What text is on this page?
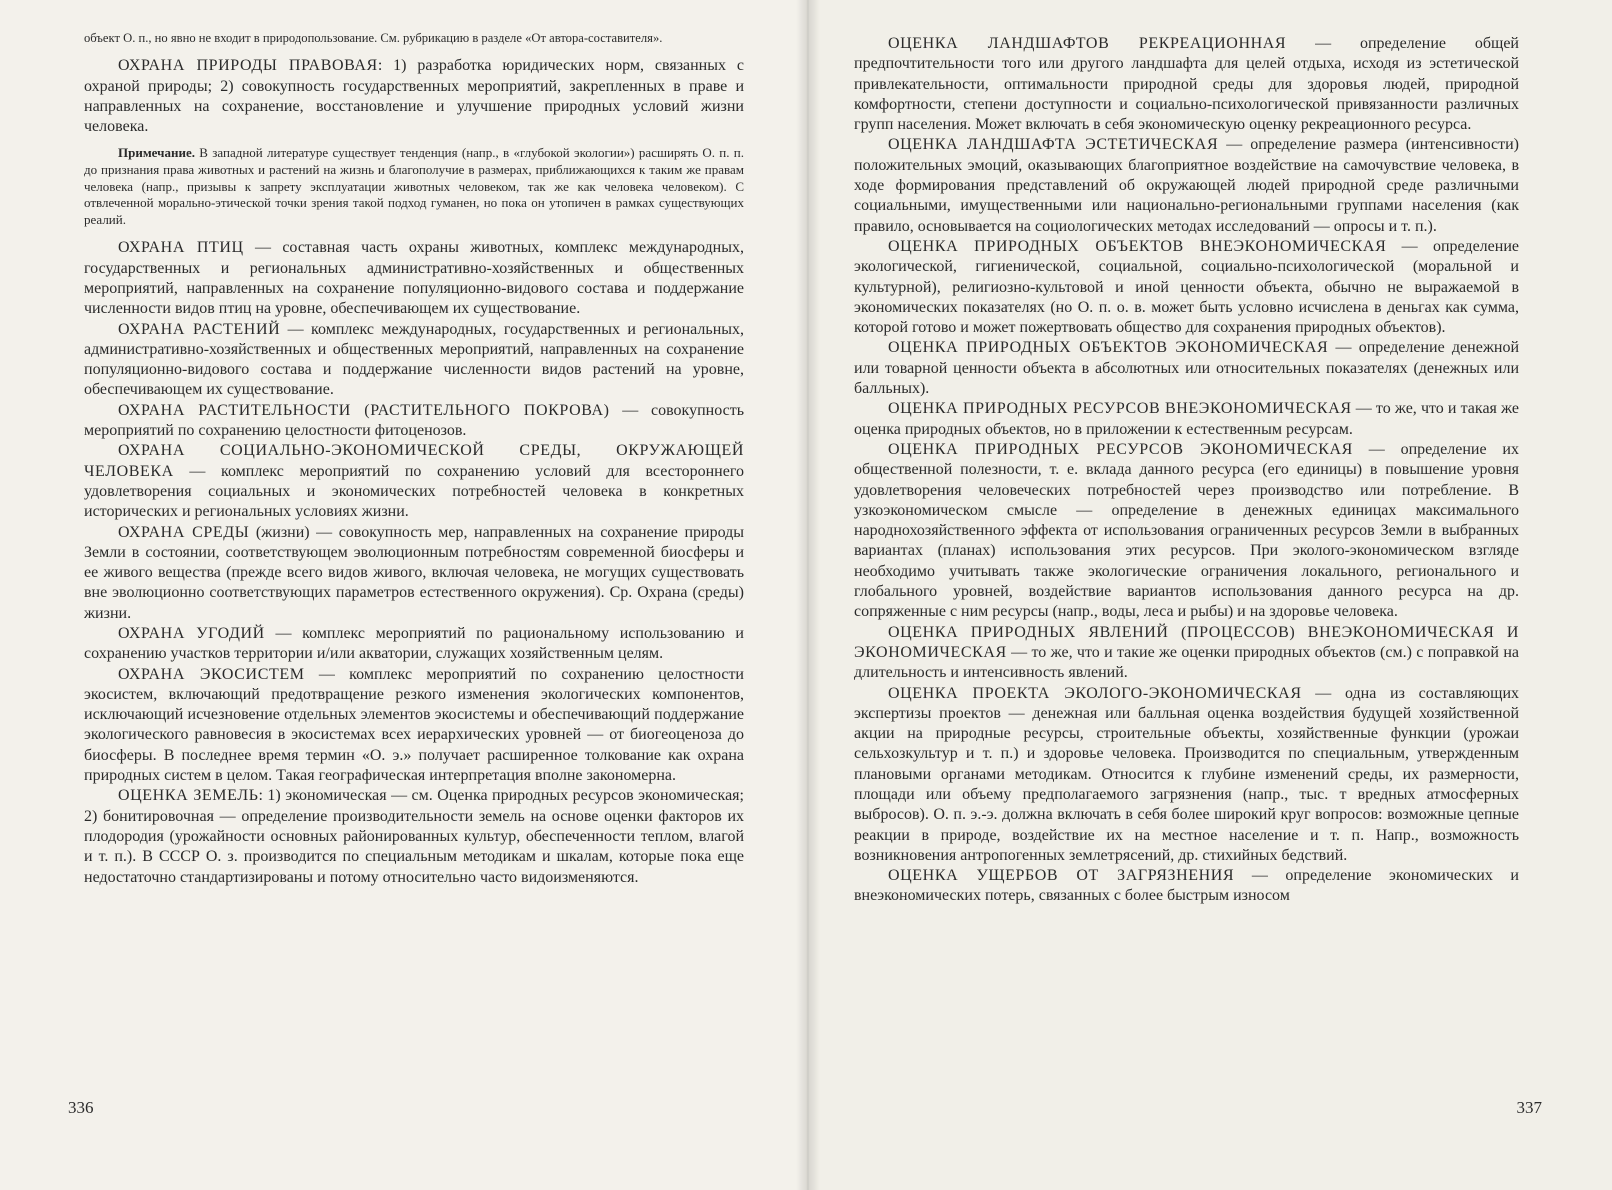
объект О. п., но явно не входит в природопользование. См. рубрикацию в разделе «От автора-составителя».

ОХРАНА ПРИРОДЫ ПРАВОВАЯ: 1) разработка юридических норм, связанных с охраной природы; 2) совокупность государственных мероприятий, закрепленных в праве и направленных на сохранение, восстановление и улучшение природных условий жизни человека.

Примечание. В западной литературе существует тенденция (напр., в «глубокой экологии») расширять О. п. п. до признания права животных и растений на жизнь и благополучие в размерах, приближающихся к таким же правам человека (напр., призывы к запрету эксплуатации животных человеком, так же как человека человеком). С отвлеченной морально-этической точки зрения такой подход гуманен, но пока он утопичен в рамках существующих реалий.

ОХРАНА ПТИЦ — составная часть охраны животных, комплекс международных, государственных и региональных административно-хозяйственных и общественных мероприятий, направленных на сохранение популяционно-видового состава и поддержание численности видов птиц на уровне, обеспечивающем их существование.

ОХРАНА РАСТЕНИЙ — комплекс международных, государственных и региональных, административно-хозяйственных и общественных мероприятий, направленных на сохранение популяционно-видового состава и поддержание численности видов растений на уровне, обеспечивающем их существование.

ОХРАНА РАСТИТЕЛЬНОСТИ (РАСТИТЕЛЬНОГО ПОКРОВА) — совокупность мероприятий по сохранению целостности фитоценозов.

ОХРАНА СОЦИАЛЬНО-ЭКОНОМИЧЕСКОЙ СРЕДЫ, ОКРУЖАЮЩЕЙ ЧЕЛОВЕКА — комплекс мероприятий по сохранению условий для всестороннего удовлетворения социальных и экономических потребностей человека в конкретных исторических и региональных условиях жизни.

ОХРАНА СРЕДЫ (жизни) — совокупность мер, направленных на сохранение природы Земли в состоянии, соответствующем эволюционным потребностям современной биосферы и ее живого вещества (прежде всего видов живого, включая человека, не могущих существовать вне эволюционно соответствующих параметров естественного окружения). Ср. Охрана (среды) жизни.

ОХРАНА УГОДИЙ — комплекс мероприятий по рациональному использованию и сохранению участков территории и/или акватории, служащих хозяйственным целям.

ОХРАНА ЭКОСИСТЕМ — комплекс мероприятий по сохранению целостности экосистем, включающий предотвращение резкого изменения экологических компонентов, исключающий исчезновение отдельных элементов экосистемы и обеспечивающий поддержание экологического равновесия в экосистемах всех иерархических уровней — от биогеоценоза до биосферы. В последнее время термин «О. э.» получает расширенное толкование как охрана природных систем в целом. Такая географическая интерпретация вполне закономерна.

ОЦЕНКА ЗЕМЕЛЬ: 1) экономическая — см. Оценка природных ресурсов экономическая; 2) бонитировочная — определение производительности земель на основе оценки факторов их плодородия (урожайности основных районированных культур, обеспеченности теплом, влагой и т. п.). В СССР О. з. производится по специальным методикам и шкалам, которые пока еще недостаточно стандартизированы и потому относительно часто видоизменяются.

336

ОЦЕНКА ЛАНДШАФТОВ РЕКРЕАЦИОННАЯ — определение общей предпочтительности того или другого ландшафта для целей отдыха, исходя из эстетической привлекательности, оптимальности природной среды для здоровья людей, природной комфортности, степени доступности и социально-психологической привязанности различных групп населения. Может включать в себя экономическую оценку рекреационного ресурса.

ОЦЕНКА ЛАНДШАФТА ЭСТЕТИЧЕСКАЯ — определение размера (интенсивности) положительных эмоций, оказывающих благоприятное воздействие на самочувствие человека, в ходе формирования представлений об окружающей людей природной среде различными социальными, имущественными или национально-региональными группами населения (как правило, основывается на социологических методах исследований — опросы и т. п.).

ОЦЕНКА ПРИРОДНЫХ ОБЪЕКТОВ ВНЕЭКОНОМИЧЕСКАЯ — определение экологической, гигиенической, социальной, социально-психологической (моральной и культурной), религиозно-культовой и иной ценности объекта, обычно не выражаемой в экономических показателях (но О. п. о. в. может быть условно исчислена в деньгах как сумма, которой готово и может пожертвовать общество для сохранения природных объектов).

ОЦЕНКА ПРИРОДНЫХ ОБЪЕКТОВ ЭКОНОМИЧЕСКАЯ — определение денежной или товарной ценности объекта в абсолютных или относительных показателях (денежных или балльных).

ОЦЕНКА ПРИРОДНЫХ РЕСУРСОВ ВНЕЭКОНОМИЧЕСКАЯ — то же, что и такая же оценка природных объектов, но в приложении к естественным ресурсам.

ОЦЕНКА ПРИРОДНЫХ РЕСУРСОВ ЭКОНОМИЧЕСКАЯ — определение их общественной полезности, т. е. вклада данного ресурса (его единицы) в повышение уровня удовлетворения человеческих потребностей через производство или потребление. В узкоэкономическом смысле — определение в денежных единицах максимального народнохозяйственного эффекта от использования ограниченных ресурсов Земли в выбранных вариантах (планах) использования этих ресурсов. При эколого-экономическом взгляде необходимо учитывать также экологические ограничения локального, регионального и глобального уровней, воздействие вариантов использования данного ресурса на др. сопряженные с ним ресурсы (напр., воды, леса и рыбы) и на здоровье человека.

ОЦЕНКА ПРИРОДНЫХ ЯВЛЕНИЙ (ПРОЦЕССОВ) ВНЕЭКОНОМИЧЕСКАЯ И ЭКОНОМИЧЕСКАЯ — то же, что и такие же оценки природных объектов (см.) с поправкой на длительность и интенсивность явлений.

ОЦЕНКА ПРОЕКТА ЭКОЛОГО-ЭКОНОМИЧЕСКАЯ — одна из составляющих экспертизы проектов — денежная или балльная оценка воздействия будущей хозяйственной акции на природные ресурсы, строительные объекты, хозяйственные функции (урожаи сельхозкультур и т. п.) и здоровье человека. Производится по специальным, утвержденным плановыми органами методикам. Относится к глубине изменений среды, их размерности, площади или объему предполагаемого загрязнения (напр., тыс. т вредных атмосферных выбросов). О. п. э.-э. должна включать в себя более широкий круг вопросов: возможные цепные реакции в природе, воздействие их на местное население и т. п. Напр., возможность возникновения антропогенных землетрясений, др. стихийных бедствий.

ОЦЕНКА УЩЕРБОВ ОТ ЗАГРЯЗНЕНИЯ — определение экономических и внеэкономических потерь, связанных с более быстрым износом

337
